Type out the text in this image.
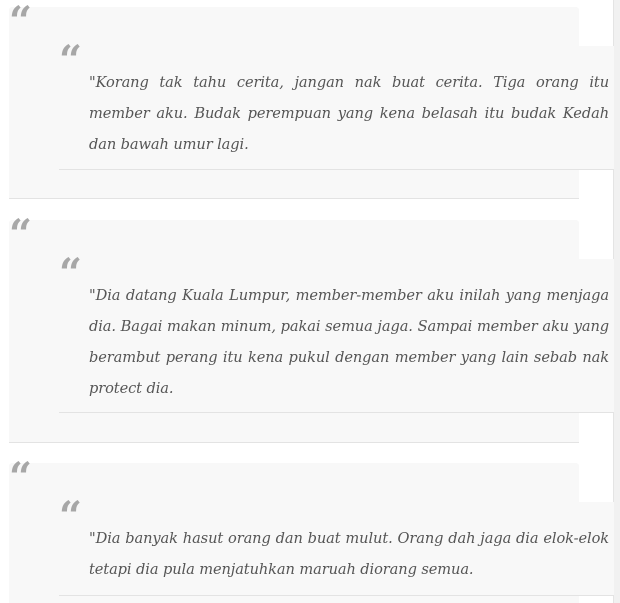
“
“ "Korang tak tahu cerita, jangan nak buat cerita. Tiga orang itu member aku. Budak perempuan yang kena belasah itu budak Kedah dan bawah umur lagi.

“
“ "Dia datang Kuala Lumpur, member-member aku inilah yang menjaga dia. Bagai makan minum, pakai semua jaga. Sampai member aku yang berambut perang itu kena pukul dengan member yang lain sebab nak protect dia.

“
“ "Dia banyak hasut orang dan buat mulut. Orang dah jaga dia elok-elok tetapi dia pula menjatuhkan maruah diorang semua.
